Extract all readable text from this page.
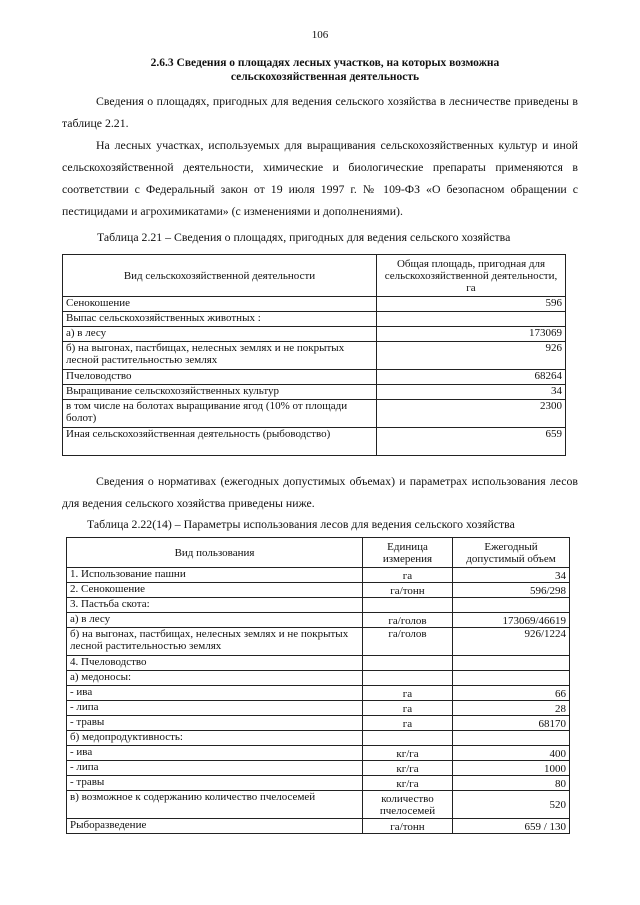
106
2.6.3 Сведения о площадях лесных участков, на которых возможна
сельскохозяйственная деятельность

Сведения о площадях, пригодных для ведения сельского хозяйства в лесничестве приведены в таблице 2.21.

На лесных участках, используемых для выращивания сельскохозяйственных культур и иной сельскохозяйственной деятельности, химические и биологические препараты применяются в соответствии с Федеральный закон от 19 июля 1997 г. № 109-ФЗ «О безопасном обращении с пестицидами и агрохимикатами» (с изменениями и дополнениями).

Таблица 2.21 – Сведения о площадях, пригодных для ведения сельского хозяйства
Вид сельскохозяйственной деятельности	Общая площадь, пригодная для сельскохозяйственной деятельности, га
Сенокошение	596
Выпас сельскохозяйственных животных :	
а) в лесу	173069
б) на выгонах, пастбищах, нелесных землях и не покрытых лесной растительностью землях	926
Пчеловодство	68264
Выращивание сельскохозяйственных культур	34
в том числе на болотах выращивание ягод (10% от площади болот)	2300
Иная сельскохозяйственная деятельность (рыбоводство)	659

Сведения о нормативах (ежегодных допустимых объемах) и параметрах использования лесов для ведения сельского хозяйства приведены ниже.

Таблица 2.22(14) – Параметры использования лесов для ведения сельского хозяйства
Вид пользования	Единица измерения	Ежегодный допустимый объем
1. Использование пашни	га	34
2. Сенокошение	га/тонн	596/298
3. Пастьба скота:		
а) в лесу	га/голов	173069/46619
б) на выгонах, пастбищах, нелесных землях и не покрытых лесной растительностью землях	га/голов	926/1224
4. Пчеловодство		
а) медоносы:		
- ива	га	66
- липа	га	28
- травы	га	68170
б) медопродуктивность:		
- ива	кг/га	400
- липа	кг/га	1000
- травы	кг/га	80
в) возможное к содержанию количество пчелосемей	количество пчелосемей	520
Рыборазведение	га/тонн	659 / 130
